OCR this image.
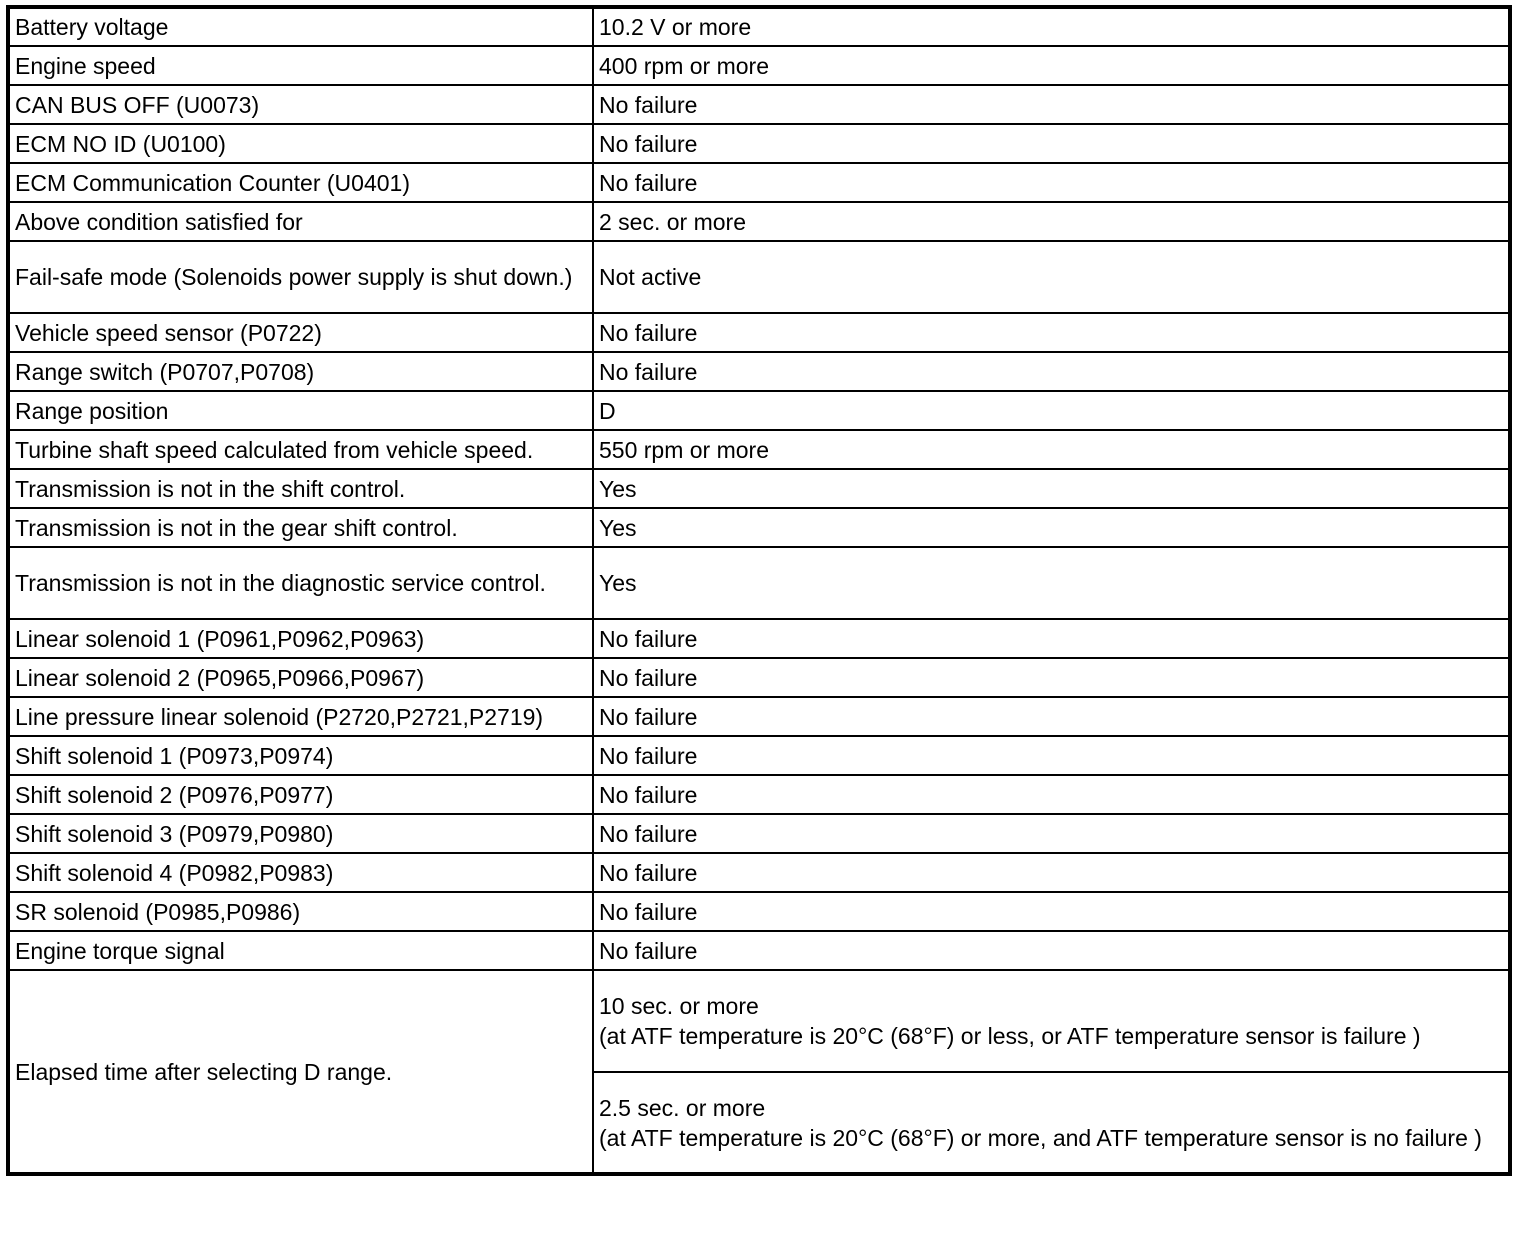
Battery voltage	10.2 V or more
Engine speed	400 rpm or more
CAN BUS OFF (U0073)	No failure
ECM NO ID (U0100)	No failure
ECM Communication Counter (U0401)	No failure
Above condition satisfied for	2 sec. or more
Fail-safe mode (Solenoids power supply is shut down.)	Not active
Vehicle speed sensor (P0722)	No failure
Range switch (P0707,P0708)	No failure
Range position	D
Turbine shaft speed calculated from vehicle speed.	550 rpm or more
Transmission is not in the shift control.	Yes
Transmission is not in the gear shift control.	Yes
Transmission is not in the diagnostic service control.	Yes
Linear solenoid 1 (P0961,P0962,P0963)	No failure
Linear solenoid 2 (P0965,P0966,P0967)	No failure
Line pressure linear solenoid (P2720,P2721,P2719)	No failure
Shift solenoid 1 (P0973,P0974)	No failure
Shift solenoid 2 (P0976,P0977)	No failure
Shift solenoid 3 (P0979,P0980)	No failure
Shift solenoid 4 (P0982,P0983)	No failure
SR solenoid (P0985,P0986)	No failure
Engine torque signal	No failure
Elapsed time after selecting D range.	10 sec. or more
(at ATF temperature is 20°C (68°F) or less, or ATF temperature sensor is failure )

	2.5 sec. or more
(at ATF temperature is 20°C (68°F) or more, and ATF temperature sensor is no failure )
